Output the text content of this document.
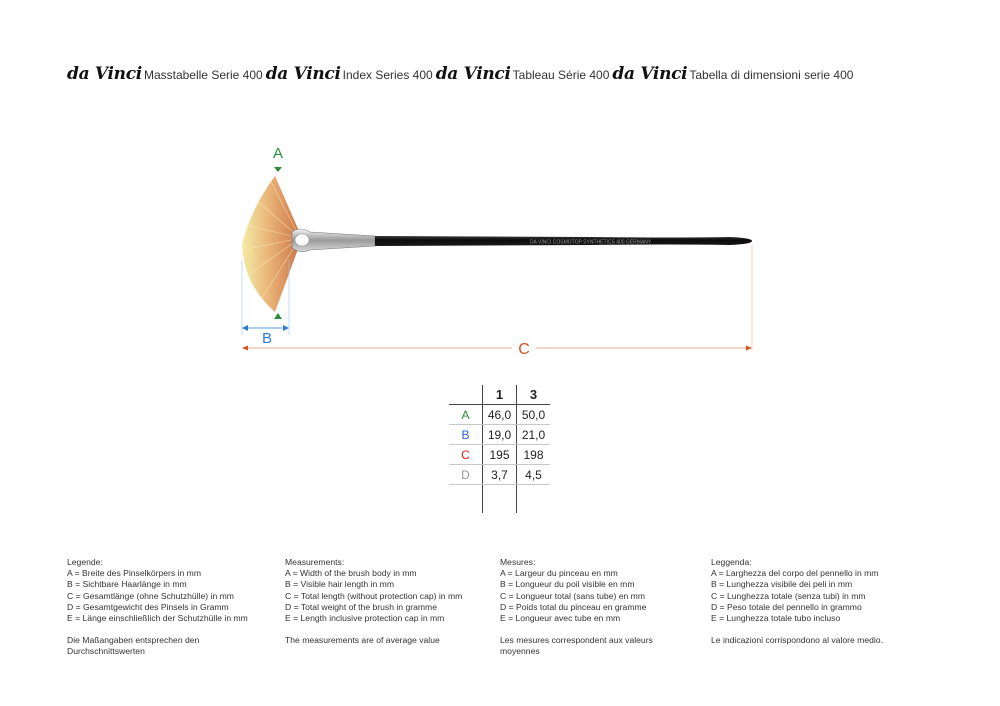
da Vinci Masstabelle Serie 400 da Vinci Index Series 400 da Vinci Tableau Série 400 da Vinci Tabella di dimensioni serie 400
DA VINCI COSMOTOP SYNTHETICS 400 GERMANY
A
B
C
	1	3
A	46,0	50,0
B	19,0	21,0
C	195	198
D	3,7	4,5

Legende:
A = Breite des Pinselkörpers in mm
B = Sichtbare Haarlänge in mm
C = Gesamtlänge (ohne Schutzhülle) in mm
D = Gesamtgewicht des Pinsels in Gramm
E = Länge einschließlich der Schutzhülle in mm
Die Maßangaben entsprechen den Durchschnittswerten
Measurements:
A = Width of the brush body in mm
B = Visible hair length in mm
C = Total length (without protection cap) in mm
D = Total weight of the brush in gramme
E = Length inclusive protection cap in mm
The measurements are of average value
Mesures:
A = Largeur du pinceau en mm
B = Longueur du poil visible en mm
C = Longueur total (sans tube) en mm
D = Poids total du pinceau en gramme
E = Longueur avec tube en mm
Les mesures correspondent aux valeurs moyennes
Leggenda:
A = Larghezza del corpo del pennello in mm
B = Lunghezza visibile dei peli in mm
C = Lunghezza totale (senza tubi) in mm
D = Peso totale del pennello in grammo
E = Lunghezza totale tubo incluso
Le indicazioni corrispondono al valore medio.
